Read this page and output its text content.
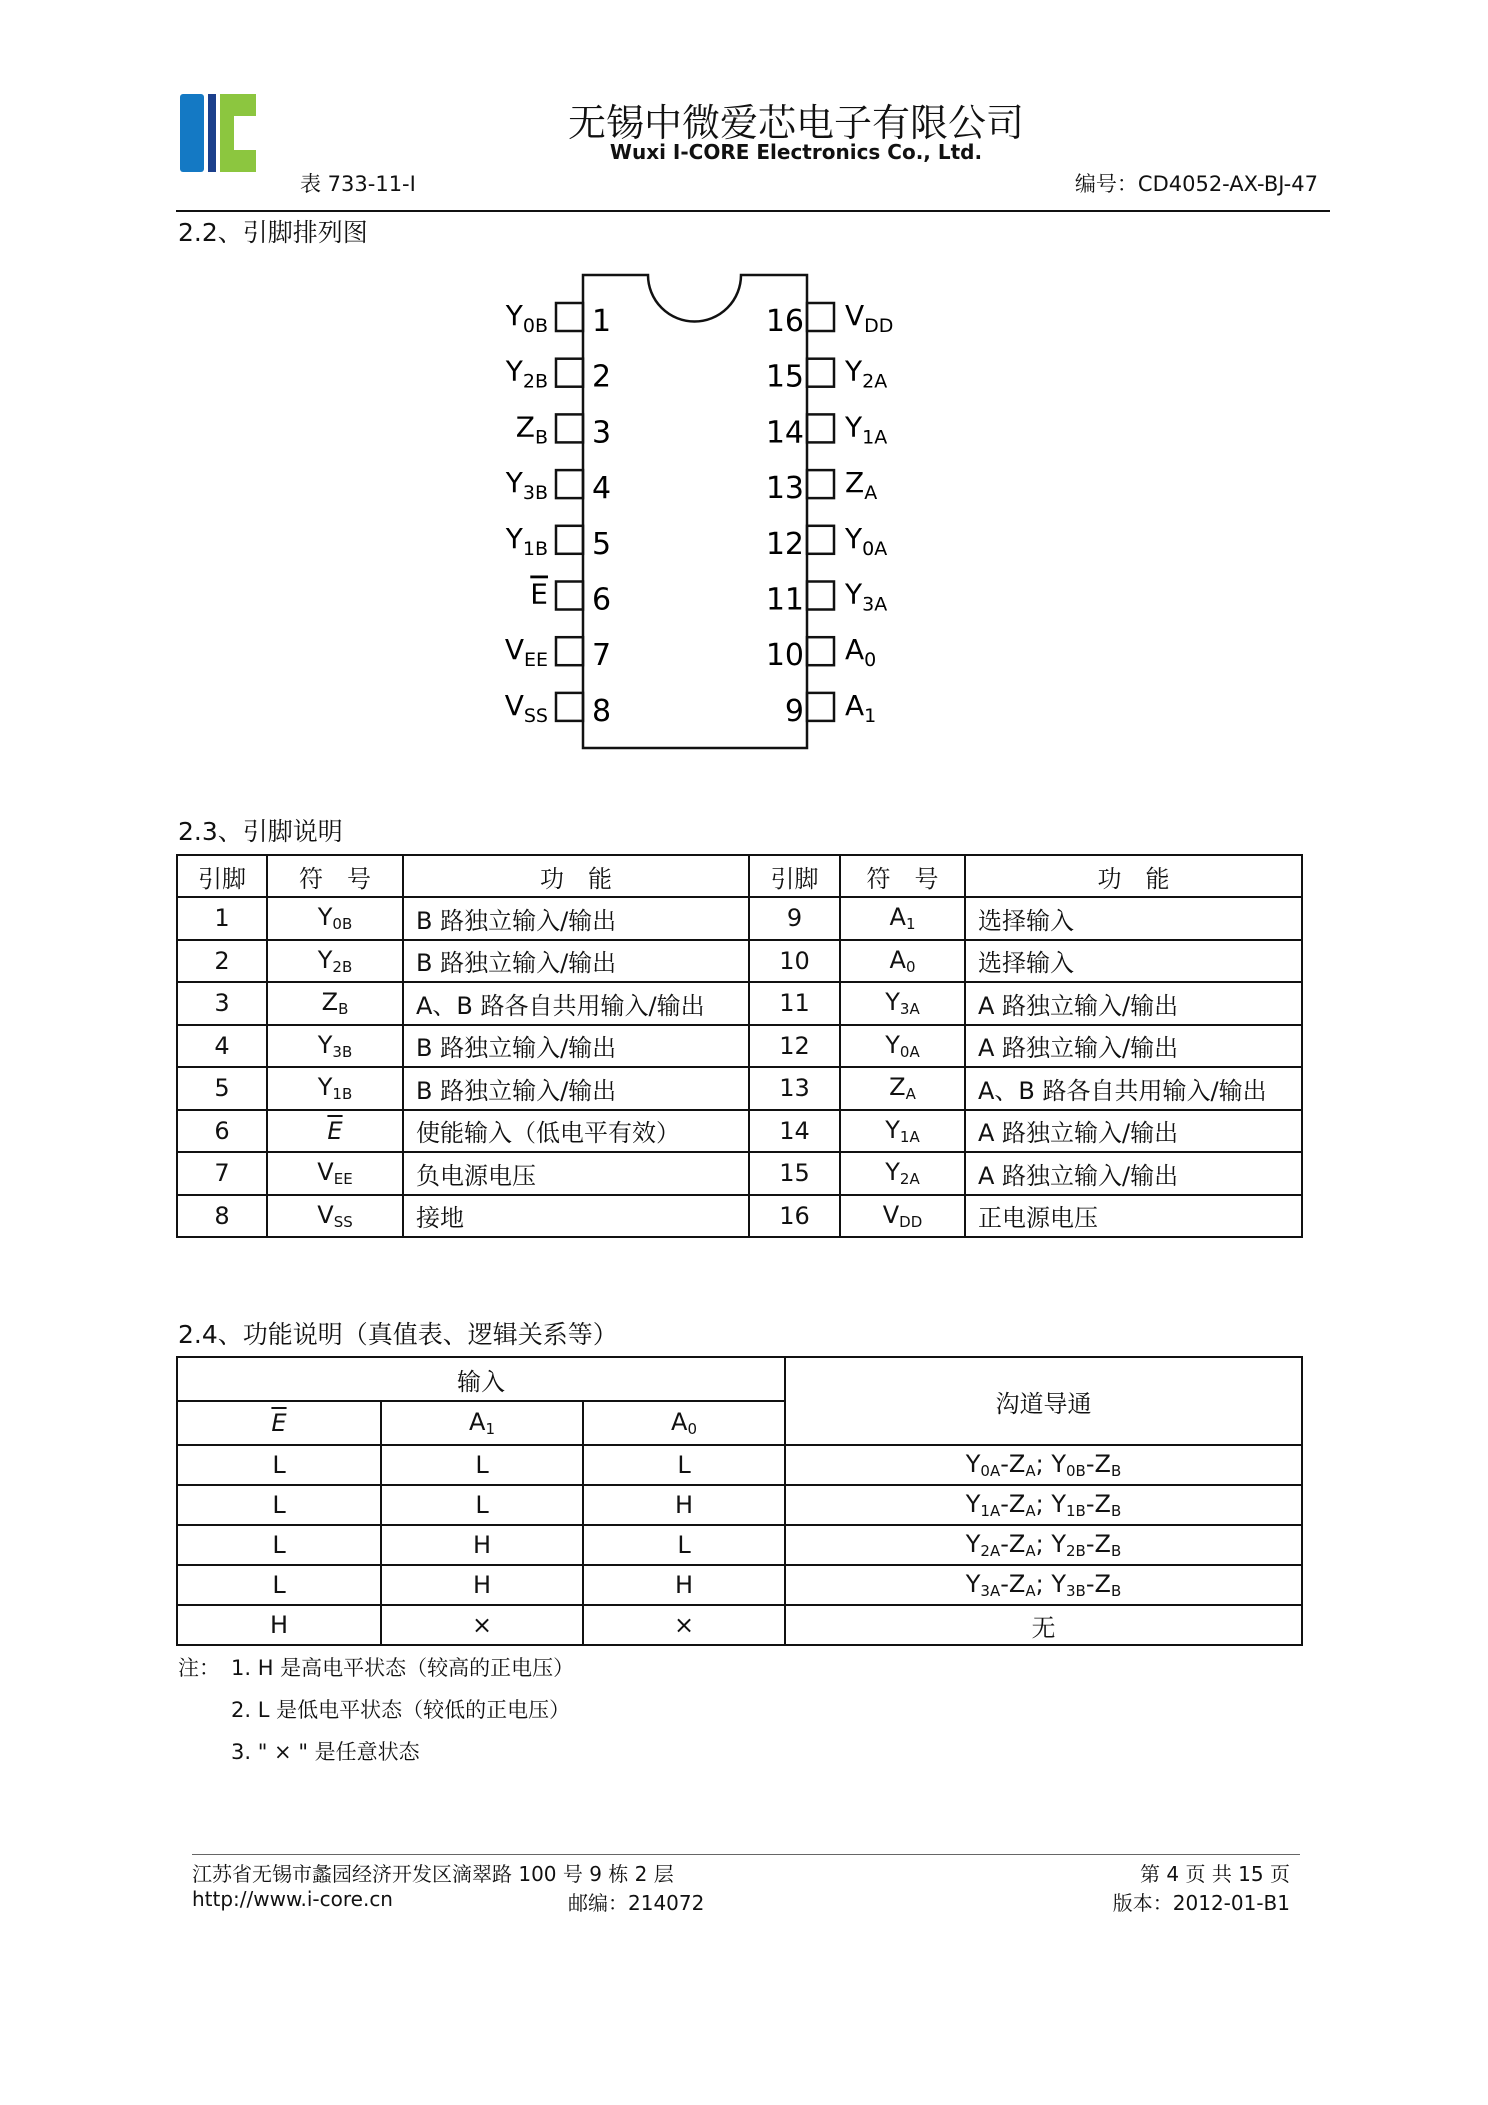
无锡中微爱芯电子有限公司
Wuxi I-CORE Electronics Co., Ltd.
表 733-11-I	编号：CD4052-AX-BJ-47
2.2、引脚排列图
1
$Y_{0B}$
2
$Y_{2B}$
3
$Z_B$
4
$Y_{3B}$
5
$Y_{1B}$
6
E
7
$V_{EE}$
8
$V_{SS}$
16 $V_{DD}$
15 $Y_{2A}$
14 $Y_{1A}$
13 $Z_A$
12 $Y_{0A}$
11 $Y_{3A}$
10 $A_0$
9 $A_1$
2.3、引脚说明
引脚	符　号	功　能	引脚	符　号	功　能
1	$Y_{0B}$	B 路独立输入/输出	9	$A_1$	选择输入
2	$Y_{2B}$	B 路独立输入/输出	10	$A_0$	选择输入
3	$Z_B$	A、B 路各自共用输入/输出	11	$Y_{3A}$	A 路独立输入/输出
4	$Y_{3B}$	B 路独立输入/输出	12	$Y_{0A}$	A 路独立输入/输出
5	$Y_{1B}$	B 路独立输入/输出	13	$Z_A$	A、B 路各自共用输入/输出
6	$\overline{E}$	使能输入（低电平有效）	14	$Y_{1A}$	A 路独立输入/输出
7	$V_{EE}$	负电源电压	15	$Y_{2A}$	A 路独立输入/输出
8	$V_{SS}$	接地	16	$V_{DD}$	正电源电压
2.4、功能说明（真值表、逻辑关系等）
输入			沟道导通
$\overline{E}$	$A_1$	$A_0$
L	L	L	$Y_{0A}-Z_A$; $Y_{0B}-Z_B$
L	L	H	$Y_{1A}-Z_A$; $Y_{1B}-Z_B$
L	H	L	$Y_{2A}-Z_A$; $Y_{2B}-Z_B$
L	H	H	$Y_{3A}-Z_A$; $Y_{3B}-Z_B$
H	×	×	无
注： 1. H 是高电平状态（较高的正电压）
2. L 是低电平状态（较低的正电压）
3. " × " 是任意状态
江苏省无锡市蠡园经济开发区滴翠路 100 号 9 栋 2 层
http://www.i-core.cn	邮编：214072
第 4 页 共 15 页
版本：2012-01-B1
